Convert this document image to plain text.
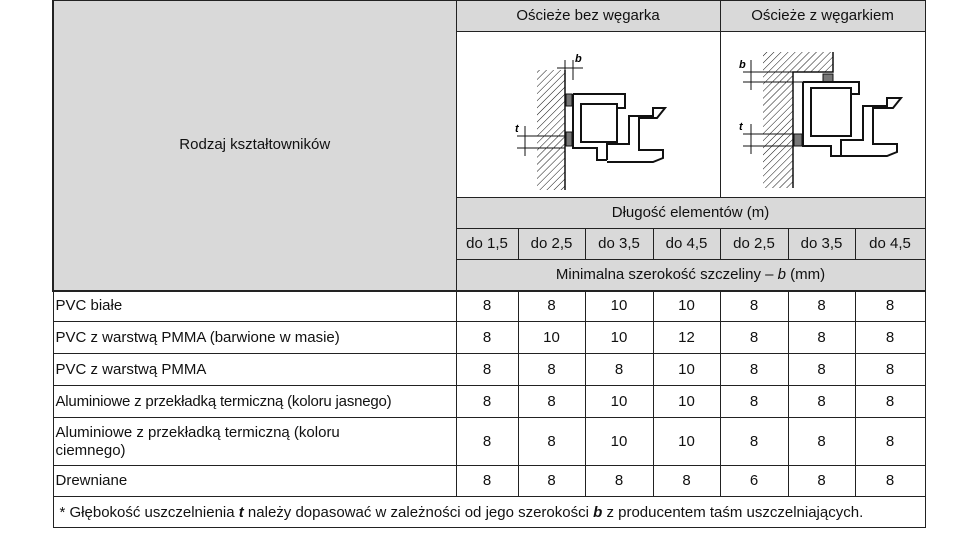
Rodzaj kształtowników	Ościeże bez węgarka				Ościeże z węgarkiem		

b
t				b
t		

	Długość elementów (m)						
	do 1,5	do 2,5	do 3,5	do 4,5	do 2,5	do 3,5	do 4,5
	Minimalna szerokość szczeliny – b (mm)						
PVC białe	8	8	10	10	8	8	8
PVC z warstwą PMMA (barwione w masie)	8	10	10	12	8	8	8
PVC z warstwą PMMA	8	8	8	10	8	8	8
Aluminiowe z przekładką termiczną (koloru jasnego)	8	8	10	10	8	8	8
Aluminiowe z przekładką termiczną (koloru ciemnego)	8	8	10	10	8	8	8
Drewniane	8	8	8	8	6	8	8
* Głębokość uszczelnienia t należy dopasować w zależności od jego szerokości b z producentem taśm uszczelniających.							
